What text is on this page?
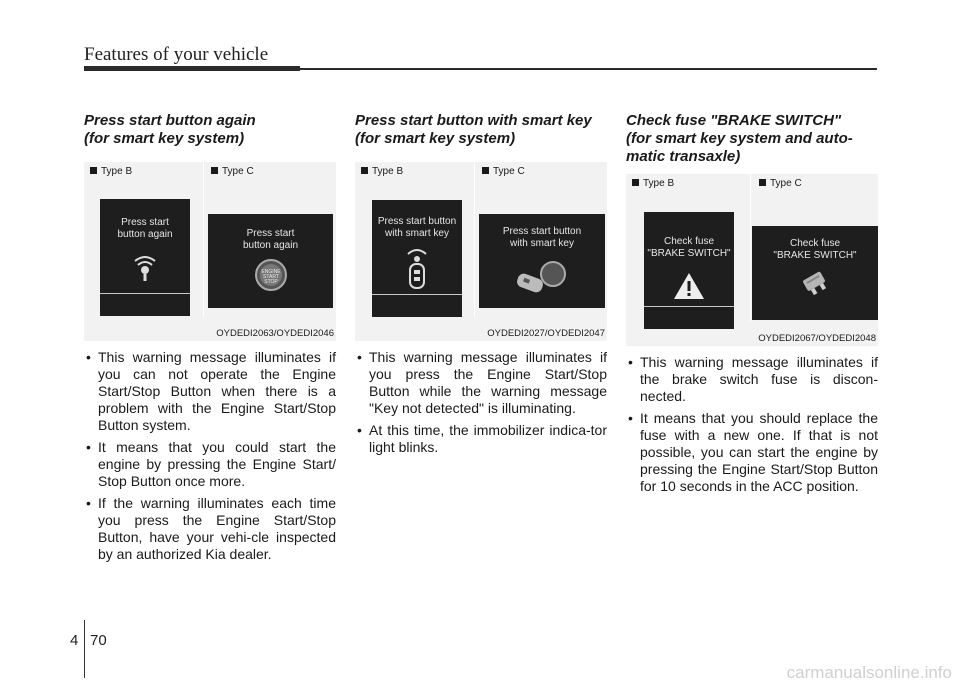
Features of your vehicle
Press start button again
(for smart key system)
Type B	Type C
Press start
button again	Press start
button again
ENGINE
START
STOP
OYDEDI2063/OYDEDI2046
• This warning message illuminates if you can not operate the Engine Start/Stop Button when there is a problem with the Engine Start/Stop Button system.
• It means that you could start the engine by pressing the Engine Start/ Stop Button once more.
• If the warning illuminates each time you press the Engine Start/Stop Button, have your vehi-cle inspected by an authorized Kia dealer.
Press start button with smart key
(for smart key system)
Type B	Type C
Press start button
with smart key	Press start button
with smart key
OYDEDI2027/OYDEDI2047
• This warning message illuminates if you press the Engine Start/Stop Button while the warning message "Key not detected" is illuminating.
• At this time, the immobilizer indica-tor light blinks.
Check fuse "BRAKE SWITCH"
(for smart key system and auto-
matic transaxle)
Type B	Type C
Check fuse
"BRAKE SWITCH"
Check fuse
"BRAKE SWITCH"
OYDEDI2067/OYDEDI2048
• This warning message illuminates if the brake switch fuse is discon-nected.
• It means that you should replace the fuse with a new one. If that is not possible, you can start the engine by pressing the Engine Start/Stop Button for 10 seconds in the ACC position.
4 70
carmanualsonline.info
